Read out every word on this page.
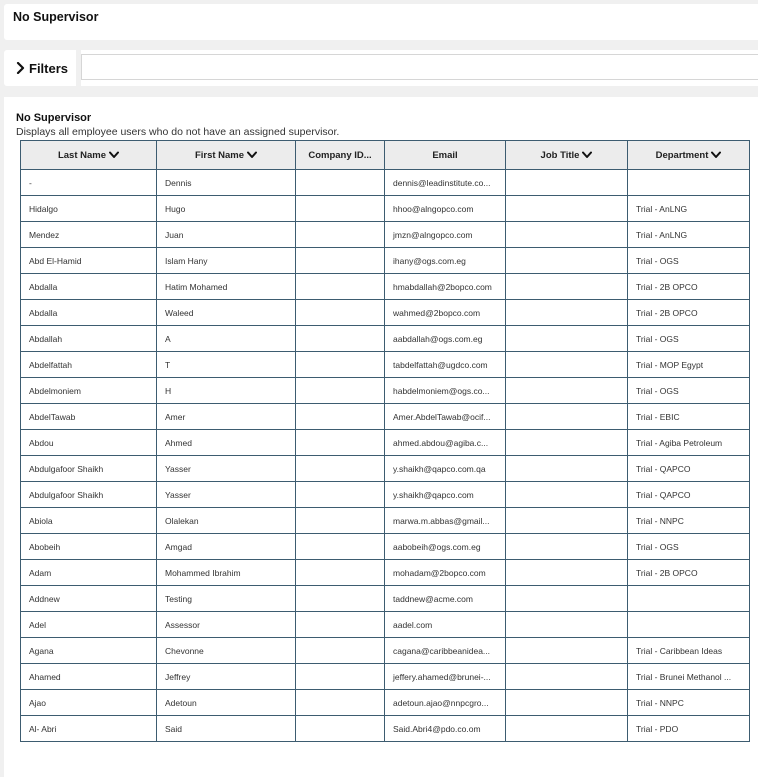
No Supervisor
Filters
No Supervisor
Displays all employee users who do not have an assigned supervisor.
Last Name	First Name	Company ID...	Email	Job Title	Department

-	Dennis		dennis@leadinstitute.co...		
Hidalgo	Hugo		hhoo@alngopco.com		Trial - AnLNG
Mendez	Juan		jmzn@alngopco.com		Trial - AnLNG
Abd El-Hamid	Islam Hany		ihany@ogs.com.eg		Trial - OGS
Abdalla	Hatim Mohamed		hmabdallah@2bopco.com		Trial - 2B OPCO
Abdalla	Waleed		wahmed@2bopco.com		Trial - 2B OPCO
Abdallah	A		aabdallah@ogs.com.eg		Trial - OGS
Abdelfattah	T		tabdelfattah@ugdco.com		Trial - MOP Egypt
Abdelmoniem	H		habdelmoniem@ogs.co...		Trial - OGS
AbdelTawab	Amer		Amer.AbdelTawab@ocif...		Trial - EBIC
Abdou	Ahmed		ahmed.abdou@agiba.c...		Trial - Agiba Petroleum
Abdulgafoor Shaikh	Yasser		y.shaikh@qapco.com.qa		Trial - QAPCO
Abdulgafoor Shaikh	Yasser		y.shaikh@qapco.com		Trial - QAPCO
Abiola	Olalekan		marwa.m.abbas@gmail...		Trial - NNPC
Abobeih	Amgad		aabobeih@ogs.com.eg		Trial - OGS
Adam	Mohammed Ibrahim		mohadam@2bopco.com		Trial - 2B OPCO
Addnew	Testing		taddnew@acme.com		
Adel	Assessor		aadel.com		
Agana	Chevonne		cagana@caribbeanidea...		Trial - Caribbean Ideas
Ahamed	Jeffrey		jeffery.ahamed@brunei-...		Trial - Brunei Methanol ...
Ajao	Adetoun		adetoun.ajao@nnpcgro...		Trial - NNPC
Al- Abri	Said		Said.Abri4@pdo.co.om		Trial - PDO
